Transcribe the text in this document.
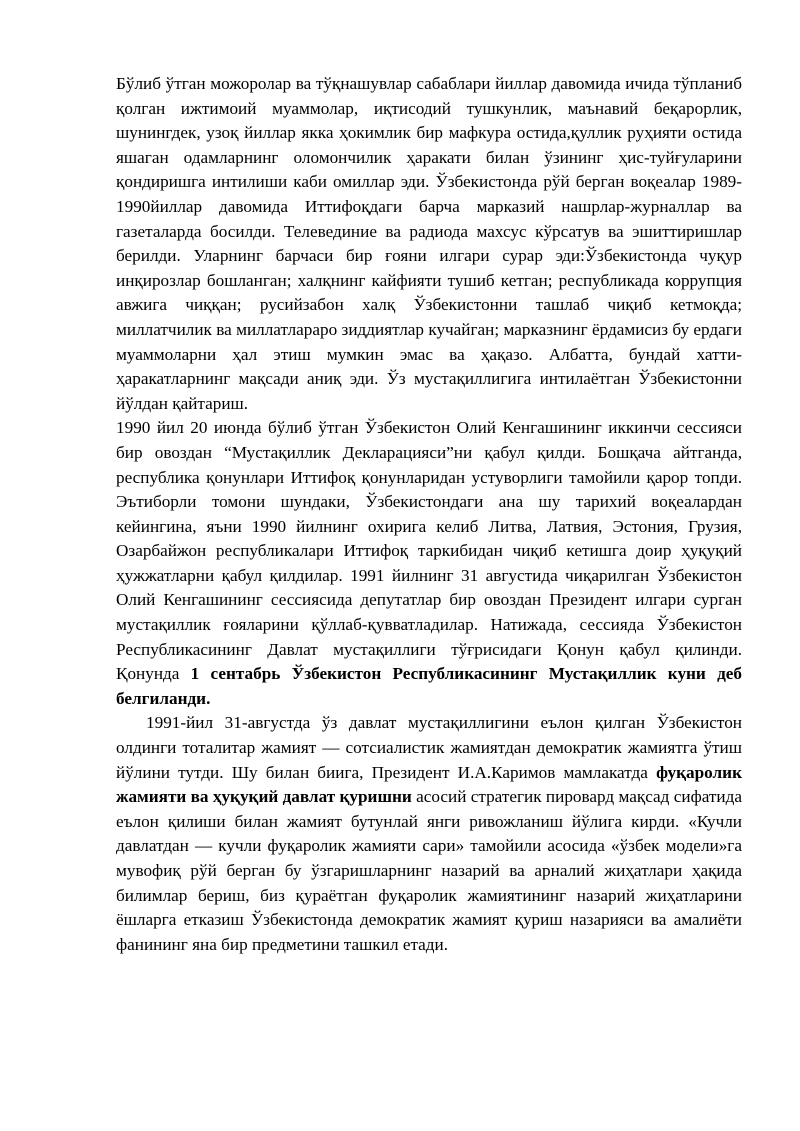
Бўлиб ўтган можоролар ва тўқнашувлар сабаблари йиллар давомида ичида тўпланиб қолган ижтимоий муаммолар, иқтисодий тушкунлик, маънавий беқарорлик, шунингдек, узоқ йиллар якка ҳокимлик бир мафкура остида,қуллик руҳияти остида яшаган одамларнинг оломончилик ҳаракати билан ўзининг ҳис-туйғуларини қондиришга интилиши каби омиллар эди. Ўзбекистонда рўй берган воқеалар 1989-1990йиллар давомида Иттифоқдаги барча марказий нашрлар-журналлар ва газеталарда босилди. Телевединие ва радиода махсус кўрсатув ва эшиттиришлар берилди. Уларнинг барчаси бир ғояни илгари сурар эди:Ўзбекистонда чуқур инқирозлар бошланган; халқнинг кайфияти тушиб кетган; республикада коррупция авжига чиққан; русийзабон халқ Ўзбекистонни ташлаб чиқиб кетмоқда; миллатчилик ва миллатлараро зиддиятлар кучайган; марказнинг ёрдамисиз бу ердаги муаммоларни ҳал этиш мумкин эмас ва ҳақазо. Албатта, бундай хатти-ҳаракатларнинг мақсади аниқ эди. Ўз мустақиллигига интилаётган Ўзбекистонни йўлдан қайтариш.

1990 йил 20 июнда бўлиб ўтган Ўзбекистон Олий Кенгашининг иккинчи сессияси бир овоздан “Мустақиллик Декларацияси”ни қабул қилди. Бошқача айтганда, республика қонунлари Иттифоқ қонунларидан устуворлиги тамойили қарор топди. Эътиборли томони шундаки, Ўзбекистондаги ана шу тарихий воқеалардан кейингина, яъни 1990 йилнинг охирига келиб Литва, Латвия, Эстония, Грузия, Озарбайжон республикалари Иттифоқ таркибидан чиқиб кетишга доир ҳуқуқий ҳужжатларни қабул қилдилар. 1991 йилнинг 31 августида чиқарилган Ўзбекистон Олий Кенгашининг сессиясида депутатлар бир овоздан Президент илгари сурган мустақиллик ғояларини қўллаб-қувватладилар. Натижада, сессияда Ўзбекистон Республикасининг Давлат мустақиллиги тўғрисидаги Қонун қабул қилинди. Қонунда 1 сентабрь Ўзбекистон Республикасининг Мустақиллик куни деб белгиланди.

1991-йил 31-августда ўз давлат мустақиллигини еълон қилган Ўзбекистон олдинги тоталитар жамият — сотсиалистик жамиятдан демократик жамиятга ўтиш йўлини тутди. Шу билан биига, Президент И.А.Каримов мамлакатда фуқаролик жамияти ва ҳуқуқий давлат қуришни асосий стратегик пировард мақсад сифатида еълон қилиши билан жамият бутунлай янги ривожланиш йўлига кирди. «Кучли давлатдан — кучли фуқаролик жамияти сари» тамойили асосида «ўзбек модели»га мувофиқ рўй берган бу ўзгаришларнинг назарий ва арналий жиҳатлари ҳақида билимлар бериш, биз қураётган фуқаролик жамиятининг назарий жиҳатларини ёшларга етказиш Ўзбекистонда демократик жамият қуриш назарияси ва амалиёти фанининг яна бир предметини ташкил етади.
